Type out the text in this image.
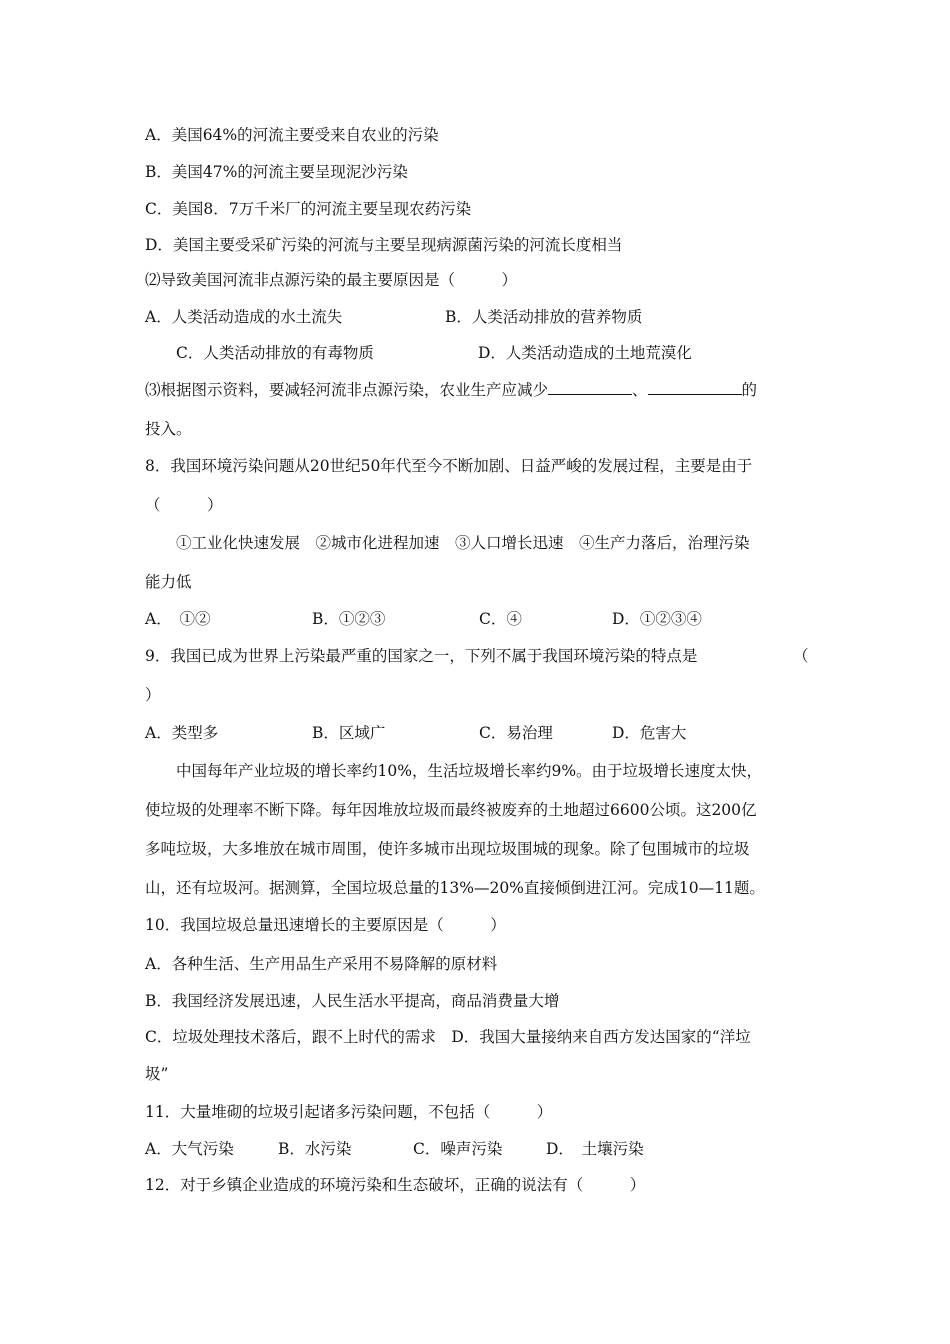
A．美国64%的河流主要受来自农业的污染
B．美国47%的河流主要呈现泥沙污染
C．美国8．7万千米厂的河流主要呈现农药污染
D．美国主要受采矿污染的河流与主要呈现病源菌污染的河流长度相当
⑵导致美国河流非点源污染的最主要原因是（　　　）
A．人类活动造成的水土流失	B．人类活动排放的营养物质
C．人类活动排放的有毒物质	D．人类活动造成的土地荒漠化
⑶根据图示资料，要减轻河流非点源污染，农业生产应减少	、	的
投入。
8．我国环境污染问题从20世纪50年代至今不断加剧、日益严峻的发展过程，主要是由于
（　　　）
①工业化快速发展　②城市化进程加速　③人口增长迅速　④生产力落后，治理污染
能力低
A．　①②	B．①②③	C．④	D．①②③④
9．我国已成为世界上污染最严重的国家之一，下列不属于我国环境污染的特点是	（
）
A．类型多	B．区域广	C．易治理	D．危害大
中国每年产业垃圾的增长率约10%，生活垃圾增长率约9%。由于垃圾增长速度太快，
使垃圾的处理率不断下降。每年因堆放垃圾而最终被废弃的土地超过6600公顷。这200亿
多吨垃圾，大多堆放在城市周围，使许多城市出现垃圾围城的现象。除了包围城市的垃圾
山，还有垃圾河。据测算，全国垃圾总量的13%—20%直接倾倒进江河。完成10—11题。
10．我国垃圾总量迅速增长的主要原因是（　　　）
A．各种生活、生产用品生产采用不易降解的原材料
B．我国经济发展迅速，人民生活水平提高，商品消费量大增
C．垃圾处理技术落后，跟不上时代的需求　D．我国大量接纳来自西方发达国家的“洋垃
圾”
11．大量堆砌的垃圾引起诸多污染问题，不包括（　　　）
A．大气污染	B．水污染	C．噪声污染	D．　土壤污染
12．对于乡镇企业造成的环境污染和生态破坏，正确的说法有（　　　）
